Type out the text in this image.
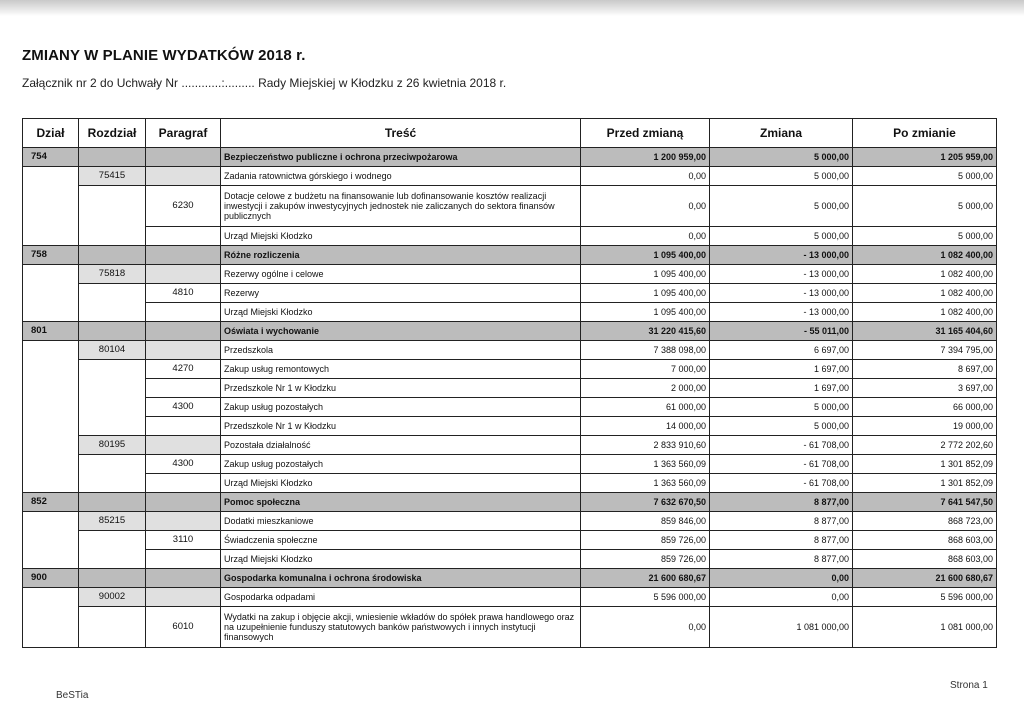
ZMIANY W PLANIE WYDATKÓW 2018 r.
Załącznik nr 2 do Uchwały Nr ............:......... Rady Miejskiej w Kłodzku z 26 kwietnia 2018 r.
Dział	Rozdział	Paragraf	Treść	Przed zmianą	Zmiana	Po zmianie
754			Bezpieczeństwo publiczne i ochrona przeciwpożarowa	1 200 959,00	5 000,00	1 205 959,00
	75415		Zadania ratownictwa górskiego i wodnego	0,00	5 000,00	5 000,00
		6230	Dotacje celowe z budżetu na finansowanie lub dofinansowanie kosztów realizacji inwestycji i zakupów inwestycyjnych jednostek nie zaliczanych do sektora finansów publicznych	0,00	5 000,00	5 000,00
			Urząd Miejski Kłodzko	0,00	5 000,00	5 000,00
758			Różne rozliczenia	1 095 400,00	- 13 000,00	1 082 400,00
	75818		Rezerwy ogólne i celowe	1 095 400,00	- 13 000,00	1 082 400,00
		4810	Rezerwy	1 095 400,00	- 13 000,00	1 082 400,00
			Urząd Miejski Kłodzko	1 095 400,00	- 13 000,00	1 082 400,00
801			Oświata i wychowanie	31 220 415,60	- 55 011,00	31 165 404,60
	80104		Przedszkola	7 388 098,00	6 697,00	7 394 795,00
		4270	Zakup usług remontowych	7 000,00	1 697,00	8 697,00
			Przedszkole Nr 1 w Kłodzku	2 000,00	1 697,00	3 697,00
		4300	Zakup usług pozostałych	61 000,00	5 000,00	66 000,00
			Przedszkole Nr 1 w Kłodzku	14 000,00	5 000,00	19 000,00
	80195		Pozostała działalność	2 833 910,60	- 61 708,00	2 772 202,60
		4300	Zakup usług pozostałych	1 363 560,09	- 61 708,00	1 301 852,09
			Urząd Miejski Kłodzko	1 363 560,09	- 61 708,00	1 301 852,09
852			Pomoc społeczna	7 632 670,50	8 877,00	7 641 547,50
	85215		Dodatki mieszkaniowe	859 846,00	8 877,00	868 723,00
		3110	Świadczenia społeczne	859 726,00	8 877,00	868 603,00
			Urząd Miejski Kłodzko	859 726,00	8 877,00	868 603,00
900			Gospodarka komunalna i ochrona środowiska	21 600 680,67	0,00	21 600 680,67
	90002		Gospodarka odpadami	5 596 000,00	0,00	5 596 000,00
		6010	Wydatki na zakup i objęcie akcji, wniesienie wkładów do spółek prawa handlowego oraz na uzupełnienie funduszy statutowych banków państwowych i innych instytucji finansowych	0,00	1 081 000,00	1 081 000,00
BeSTia
Strona 1
